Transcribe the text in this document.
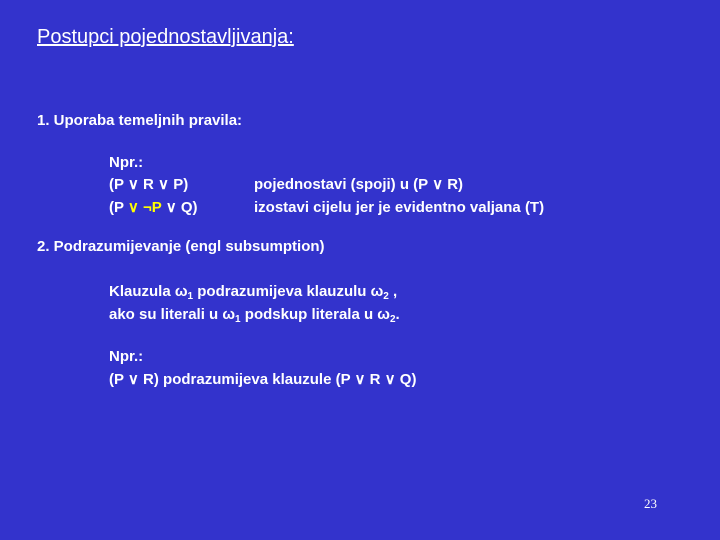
Postupci pojednostavljivanja:
1. Uporaba temeljnih pravila:
Npr.:
(P ∨ R ∨ P)	pojednostavi (spoji) u (P ∨ R)
(P ∨ ¬P ∨ Q)	izostavi cijelu jer je evidentno valjana (T)
2. Podrazumijevanje (engl subsumption)
Klauzula $\omega_1$ podrazumijeva klauzulu $\omega_2$ ,
ako su literali u $\omega_1$ podskup literala u $\omega_2$.
Npr.:
(P ∨ R) podrazumijeva klauzule (P ∨ R ∨ Q)
23
